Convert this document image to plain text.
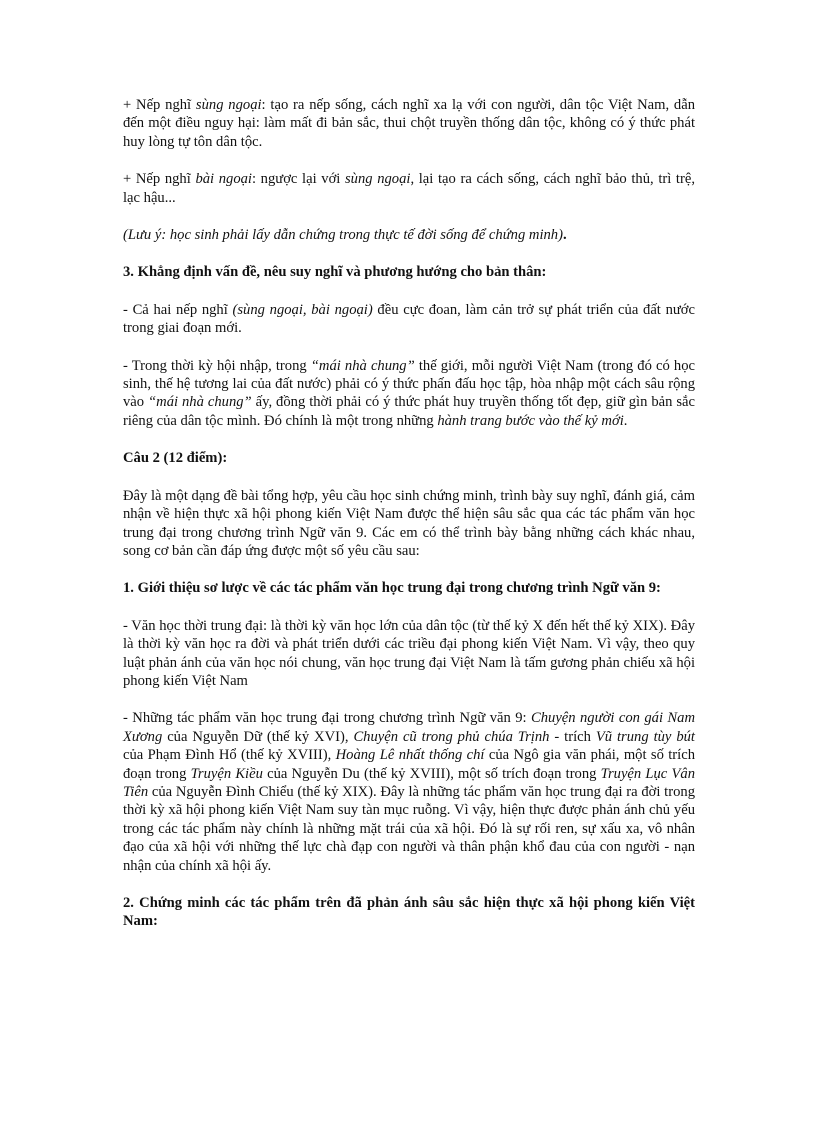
+ Nếp nghĩ sùng ngoại: tạo ra nếp sống, cách nghĩ xa lạ với con người, dân tộc Việt Nam, dẫn đến một điều nguy hại: làm mất đi bản sắc, thui chột truyền thống dân tộc, không có ý thức phát huy lòng tự tôn dân tộc.

+ Nếp nghĩ bài ngoại: ngược lại với sùng ngoại, lại tạo ra cách sống, cách nghĩ bảo thủ, trì trệ, lạc hậu...

(Lưu ý: học sinh phải lấy dẫn chứng trong thực tế đời sống để chứng minh).

3. Khẳng định vấn đề, nêu suy nghĩ và phương hướng cho bản thân:

- Cả hai nếp nghĩ (sùng ngoại, bài ngoại) đều cực đoan, làm cản trở sự phát triển của đất nước trong giai đoạn mới.

- Trong thời kỳ hội nhập, trong “mái nhà chung” thế giới, mỗi người Việt Nam (trong đó có học sinh, thế hệ tương lai của đất nước) phải có ý thức phấn đấu học tập, hòa nhập một cách sâu rộng vào “mái nhà chung” ấy, đồng thời phải có ý thức phát huy truyền thống tốt đẹp, giữ gìn bản sắc riêng của dân tộc mình. Đó chính là một trong những hành trang bước vào thế kỷ mới.

Câu 2 (12 điểm):

Đây là một dạng đề bài tổng hợp, yêu cầu học sinh chứng minh, trình bày suy nghĩ, đánh giá, cảm nhận về hiện thực xã hội phong kiến Việt Nam được thể hiện sâu sắc qua các tác phẩm văn học trung đại trong chương trình Ngữ văn 9. Các em có thể trình bày bằng những cách khác nhau, song cơ bản cần đáp ứng được một số yêu cầu sau:

1. Giới thiệu sơ lược về các tác phẩm văn học trung đại trong chương trình Ngữ văn 9:

- Văn học thời trung đại: là thời kỳ văn học lớn của dân tộc (từ thế kỷ X đến hết thế kỷ XIX). Đây là thời kỳ văn học ra đời và phát triển dưới các triều đại phong kiến Việt Nam. Vì vậy, theo quy luật phản ánh của văn học nói chung, văn học trung đại Việt Nam là tấm gương phản chiếu xã hội phong kiến Việt Nam

- Những tác phẩm văn học trung đại trong chương trình Ngữ văn 9: Chuyện người con gái Nam Xương của Nguyễn Dữ (thế kỷ XVI), Chuyện cũ trong phủ chúa Trịnh - trích Vũ trung tùy bút của Phạm Đình Hổ (thế kỷ XVIII), Hoàng Lê nhất thống chí của Ngô gia văn phái, một số trích đoạn trong Truyện Kiều của Nguyễn Du (thế kỷ XVIII), một số trích đoạn trong Truyện Lục Vân Tiên của Nguyễn Đình Chiểu (thế kỷ XIX). Đây là những tác phẩm văn học trung đại ra đời trong thời kỳ xã hội phong kiến Việt Nam suy tàn mục ruỗng. Vì vậy, hiện thực được phản ánh chủ yếu trong các tác phẩm này chính là những mặt trái của xã hội. Đó là sự rối ren, sự xấu xa, vô nhân đạo của xã hội với những thế lực chà đạp con người và thân phận khổ đau của con người - nạn nhận của chính xã hội ấy.

2. Chứng minh các tác phẩm trên đã phản ánh sâu sắc hiện thực xã hội phong kiến Việt Nam:
